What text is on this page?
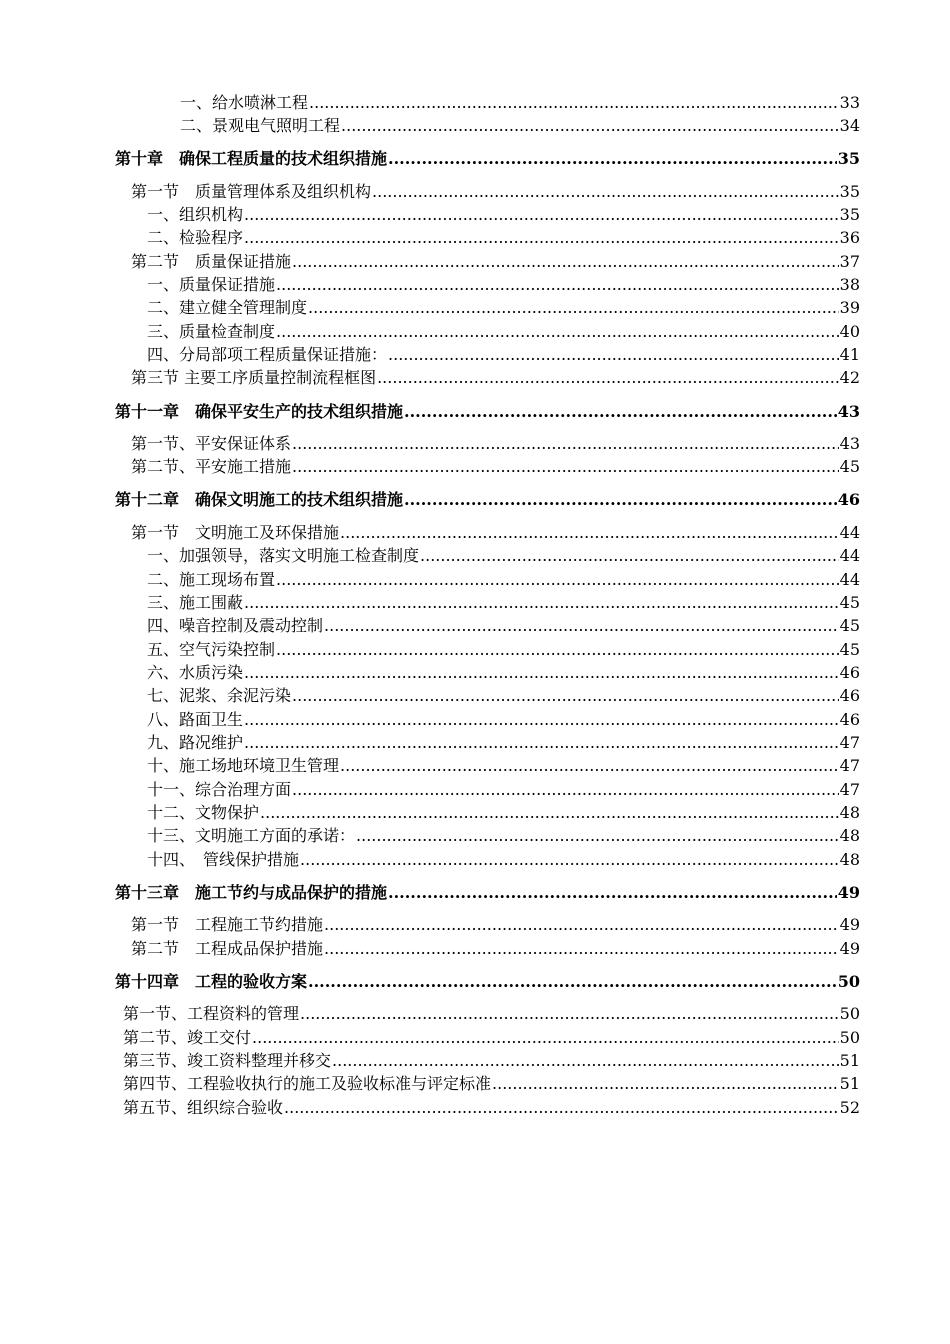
一、给水喷淋工程 .....	33
二、景观电气照明工程 .....	34
第十章　确保工程质量的技术组织措施 .....	35
第一节　质量管理体系及组织机构 .....	35
一、组织机构 .....	35
二、检验程序 .....	36
第二节　质量保证措施 .....	37
一、质量保证措施 .....	38
二、建立健全管理制度 .....	39
三、质量检查制度 .....	40
四、分局部项工程质量保证措施： .....	41
第三节 主要工序质量控制流程框图 .....	42
第十一章　确保平安生产的技术组织措施 .....	43
第一节、平安保证体系 .....	43
第二节、平安施工措施 .....	45
第十二章　确保文明施工的技术组织措施 .....	46
第一节　文明施工及环保措施 .....	44
一、加强领导，落实文明施工检查制度 .....	44
二、施工现场布置 .....	44
三、施工围蔽 .....	45
四、噪音控制及震动控制 .....	45
五、空气污染控制 .....	45
六、水质污染 .....	46
七、泥浆、余泥污染 .....	46
八、路面卫生 .....	46
九、路况维护 .....	47
十、施工场地环境卫生管理 .....	47
十一、综合治理方面 .....	47
十二、文物保护 .....	48
十三、文明施工方面的承诺： .....	48
十四、　管线保护措施 .....	48
第十三章　施工节约与成品保护的措施 .....	49
第一节　工程施工节约措施 .....	49
第二节　工程成品保护措施 .....	49
第十四章　工程的验收方案 .....	50
第一节、工程资料的管理 .....	50
第二节、竣工交付 .....	50
第三节、竣工资料整理并移交 .....	51
第四节、工程验收执行的施工及验收标准与评定标准 .....	51
第五节、组织综合验收 .....	52
